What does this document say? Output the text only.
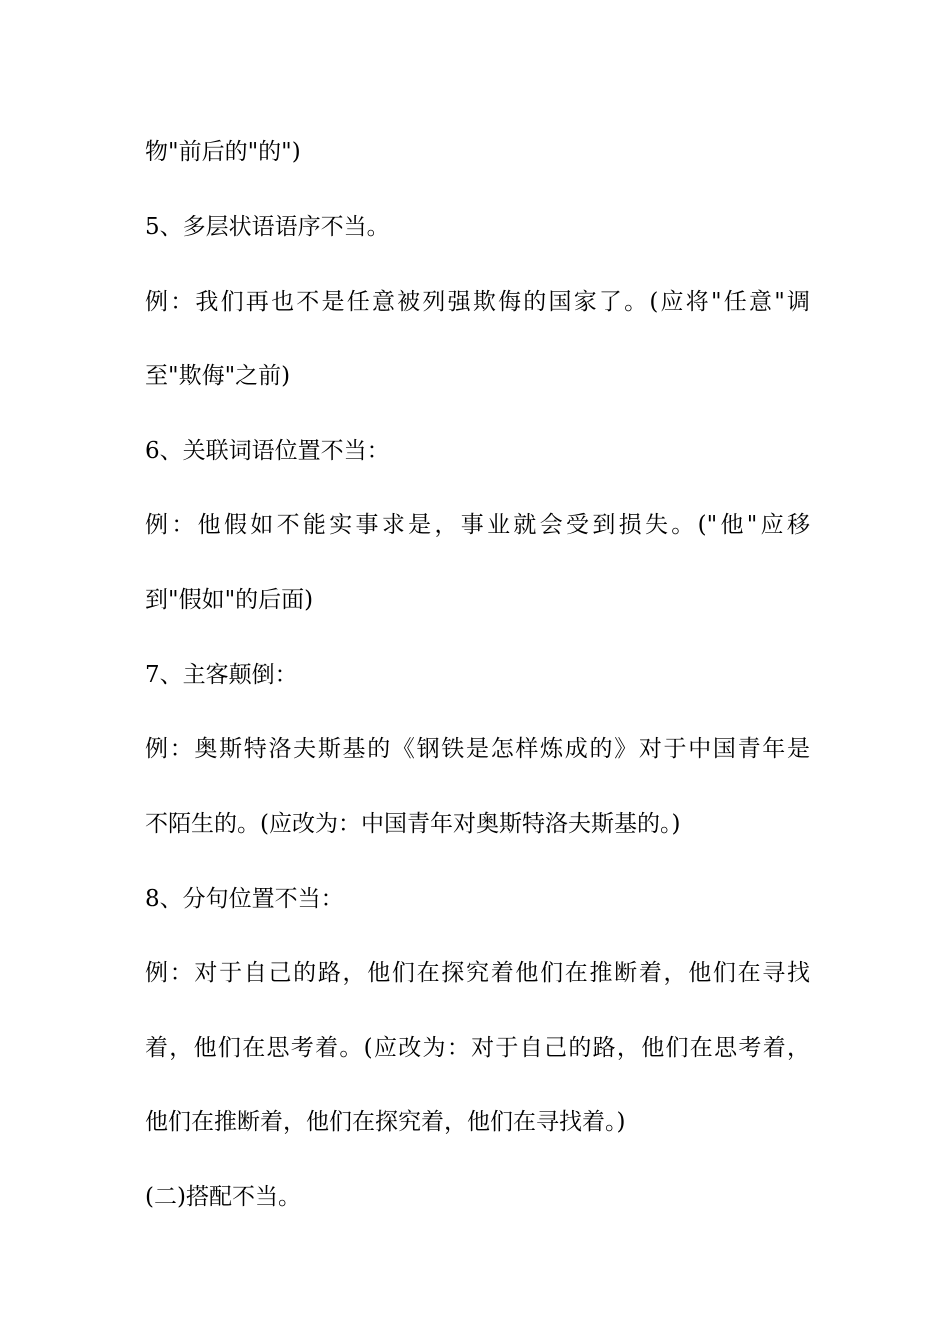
物"前后的"的")
5、多层状语语序不当。
例：我们再也不是任意被列强欺侮的国家了。(应将"任意"调
至"欺侮"之前)
6、关联词语位置不当：
例：他假如不能实事求是，事业就会受到损失。("他"应移
到"假如"的后面)
7、主客颠倒：
例：奥斯特洛夫斯基的《钢铁是怎样炼成的》对于中国青年是
不陌生的。(应改为：中国青年对奥斯特洛夫斯基的。)
8、分句位置不当：
例：对于自己的路，他们在探究着他们在推断着，他们在寻找
着，他们在思考着。(应改为：对于自己的路，他们在思考着，
他们在推断着，他们在探究着，他们在寻找着。)
(二)搭配不当。
